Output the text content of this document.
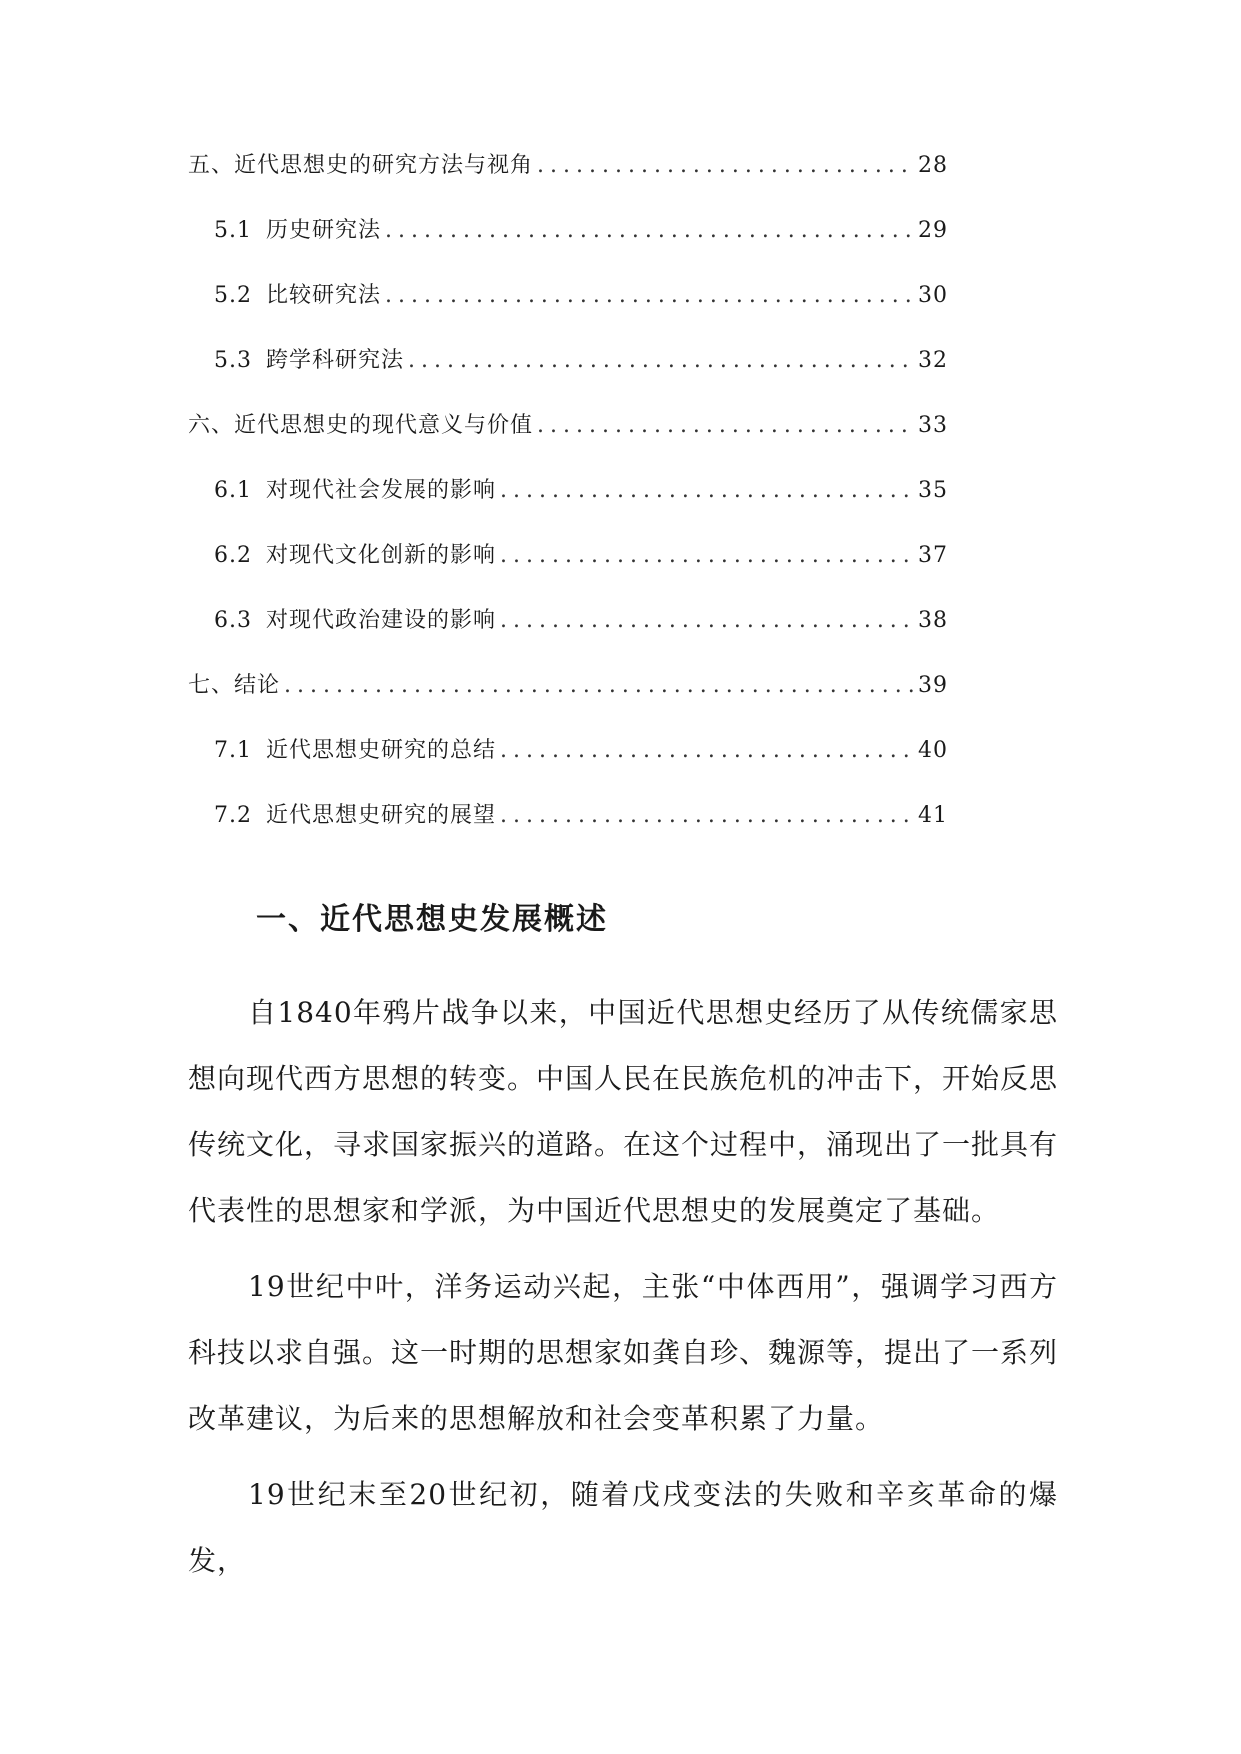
五、近代思想史的研究方法与视角 .....	28
5.1 历史研究法 .....	29
5.2 比较研究法 .....	30
5.3 跨学科研究法 .....	32
六、近代思想史的现代意义与价值 .....	33
6.1 对现代社会发展的影响 .....	35
6.2 对现代文化创新的影响 .....	37
6.3 对现代政治建设的影响 .....	38
七、结论 .....	39
7.1 近代思想史研究的总结 .....	40
7.2 近代思想史研究的展望 .....	41
一、近代思想史发展概述

自1840年鸦片战争以来，中国近代思想史经历了从传统儒家思想向现代西方思想的转变。中国人民在民族危机的冲击下，开始反思传统文化，寻求国家振兴的道路。在这个过程中，涌现出了一批具有代表性的思想家和学派，为中国近代思想史的发展奠定了基础。

19世纪中叶，洋务运动兴起，主张“中体西用”，强调学习西方科技以求自强。这一时期的思想家如龚自珍、魏源等，提出了一系列改革建议，为后来的思想解放和社会变革积累了力量。

19世纪末至20世纪初，随着戊戌变法的失败和辛亥革命的爆发，
